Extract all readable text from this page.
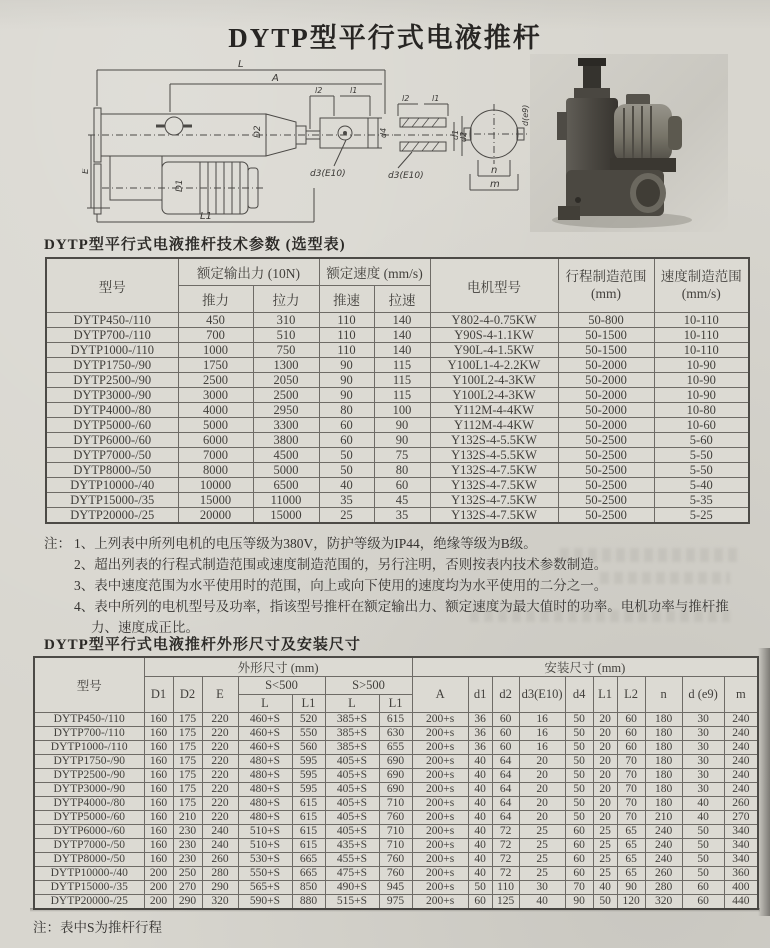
DYTP型平行式电液推杆
L
A
l2	l1
D2	d4
d3(E10)
E
D1
L1
l2	l1
d1 d2
d3(E10)	n
m
d(e9)
DYTP型平行式电液推杆技术参数 (选型表)
型号	额定输出力 (10N)		额定速度 (mm/s)		电机型号	行程制造范围
(mm)	速度制造范围
(mm/s)

	推力	拉力	推速	拉速			
DYTP450-/110	450	310	110	140	Y802-4-0.75KW	50-800	10-110
DYTP700-/110	700	510	110	140	Y90S-4-1.1KW	50-1500	10-110
DYTP1000-/110	1000	750	110	140	Y90L-4-1.5KW	50-1500	10-110
DYTP1750-/90	1750	1300	90	115	Y100L1-4-2.2KW	50-2000	10-90
DYTP2500-/90	2500	2050	90	115	Y100L2-4-3KW	50-2000	10-90
DYTP3000-/90	3000	2500	90	115	Y100L2-4-3KW	50-2000	10-90
DYTP4000-/80	4000	2950	80	100	Y112M-4-4KW	50-2000	10-80
DYTP5000-/60	5000	3300	60	90	Y112M-4-4KW	50-2000	10-60
DYTP6000-/60	6000	3800	60	90	Y132S-4-5.5KW	50-2500	5-60
DYTP7000-/50	7000	4500	50	75	Y132S-4-5.5KW	50-2500	5-50
DYTP8000-/50	8000	5000	50	80	Y132S-4-7.5KW	50-2500	5-50
DYTP10000-/40	10000	6500	40	60	Y132S-4-7.5KW	50-2500	5-40
DYTP15000-/35	15000	11000	35	45	Y132S-4-7.5KW	50-2500	5-35
DYTP20000-/25	20000	15000	25	35	Y132S-4-7.5KW	50-2500	5-25
注： 1、上列表中所列电机的电压等级为380V，防护等级为IP44，绝缘等级为B级。
2、超出列表的行程式制造范围或速度制造范围的，另行注明，否则按表内技术参数制造。
3、表中速度范围为水平使用时的范围，向上或向下使用的速度均为水平使用的二分之一。
4、表中所列的电机型号及功率，指该型号推杆在额定输出力、额定速度为最大值时的功率。电机功率与推杆推力、速度成正比。
DYTP型平行式电液推杆外形尺寸及安装尺寸
型号	外形尺寸 (mm)							安装尺寸 (mm)									
	D1	D2	E	S<500		S>500		A	d1	d2	d3(E10)	d4	L1	L2	n	d (e9)	m
				L	L1	L	L1										
DYTP450-/110	160	175	220	460+S	520	385+S	615	200+s	36	60	16	50	20	60	180	30	240
DYTP700-/110	160	175	220	460+S	550	385+S	630	200+s	36	60	16	50	20	60	180	30	240
DYTP1000-/110	160	175	220	460+S	560	385+S	655	200+s	36	60	16	50	20	60	180	30	240
DYTP1750-/90	160	175	220	480+S	595	405+S	690	200+s	40	64	20	50	20	70	180	30	240
DYTP2500-/90	160	175	220	480+S	595	405+S	690	200+s	40	64	20	50	20	70	180	30	240
DYTP3000-/90	160	175	220	480+S	595	405+S	690	200+s	40	64	20	50	20	70	180	30	240
DYTP4000-/80	160	175	220	480+S	615	405+S	710	200+s	40	64	20	50	20	70	180	40	260
DYTP5000-/60	160	210	220	480+S	615	405+S	760	200+s	40	64	20	50	20	70	210	40	270
DYTP6000-/60	160	230	240	510+S	615	405+S	710	200+s	40	72	25	60	25	65	240	50	340
DYTP7000-/50	160	230	240	510+S	615	435+S	710	200+s	40	72	25	60	25	65	240	50	340
DYTP8000-/50	160	230	260	530+S	665	455+S	760	200+s	40	72	25	60	25	65	240	50	340
DYTP10000-/40	200	250	280	550+S	665	475+S	760	200+s	40	72	25	60	25	65	260	50	360
DYTP15000-/35	200	270	290	565+S	850	490+S	945	200+s	50	110	30	70	40	90	280	60	400
DYTP20000-/25	200	290	320	590+S	880	515+S	975	200+s	60	125	40	90	50	120	320	60	440
注：表中S为推杆行程
